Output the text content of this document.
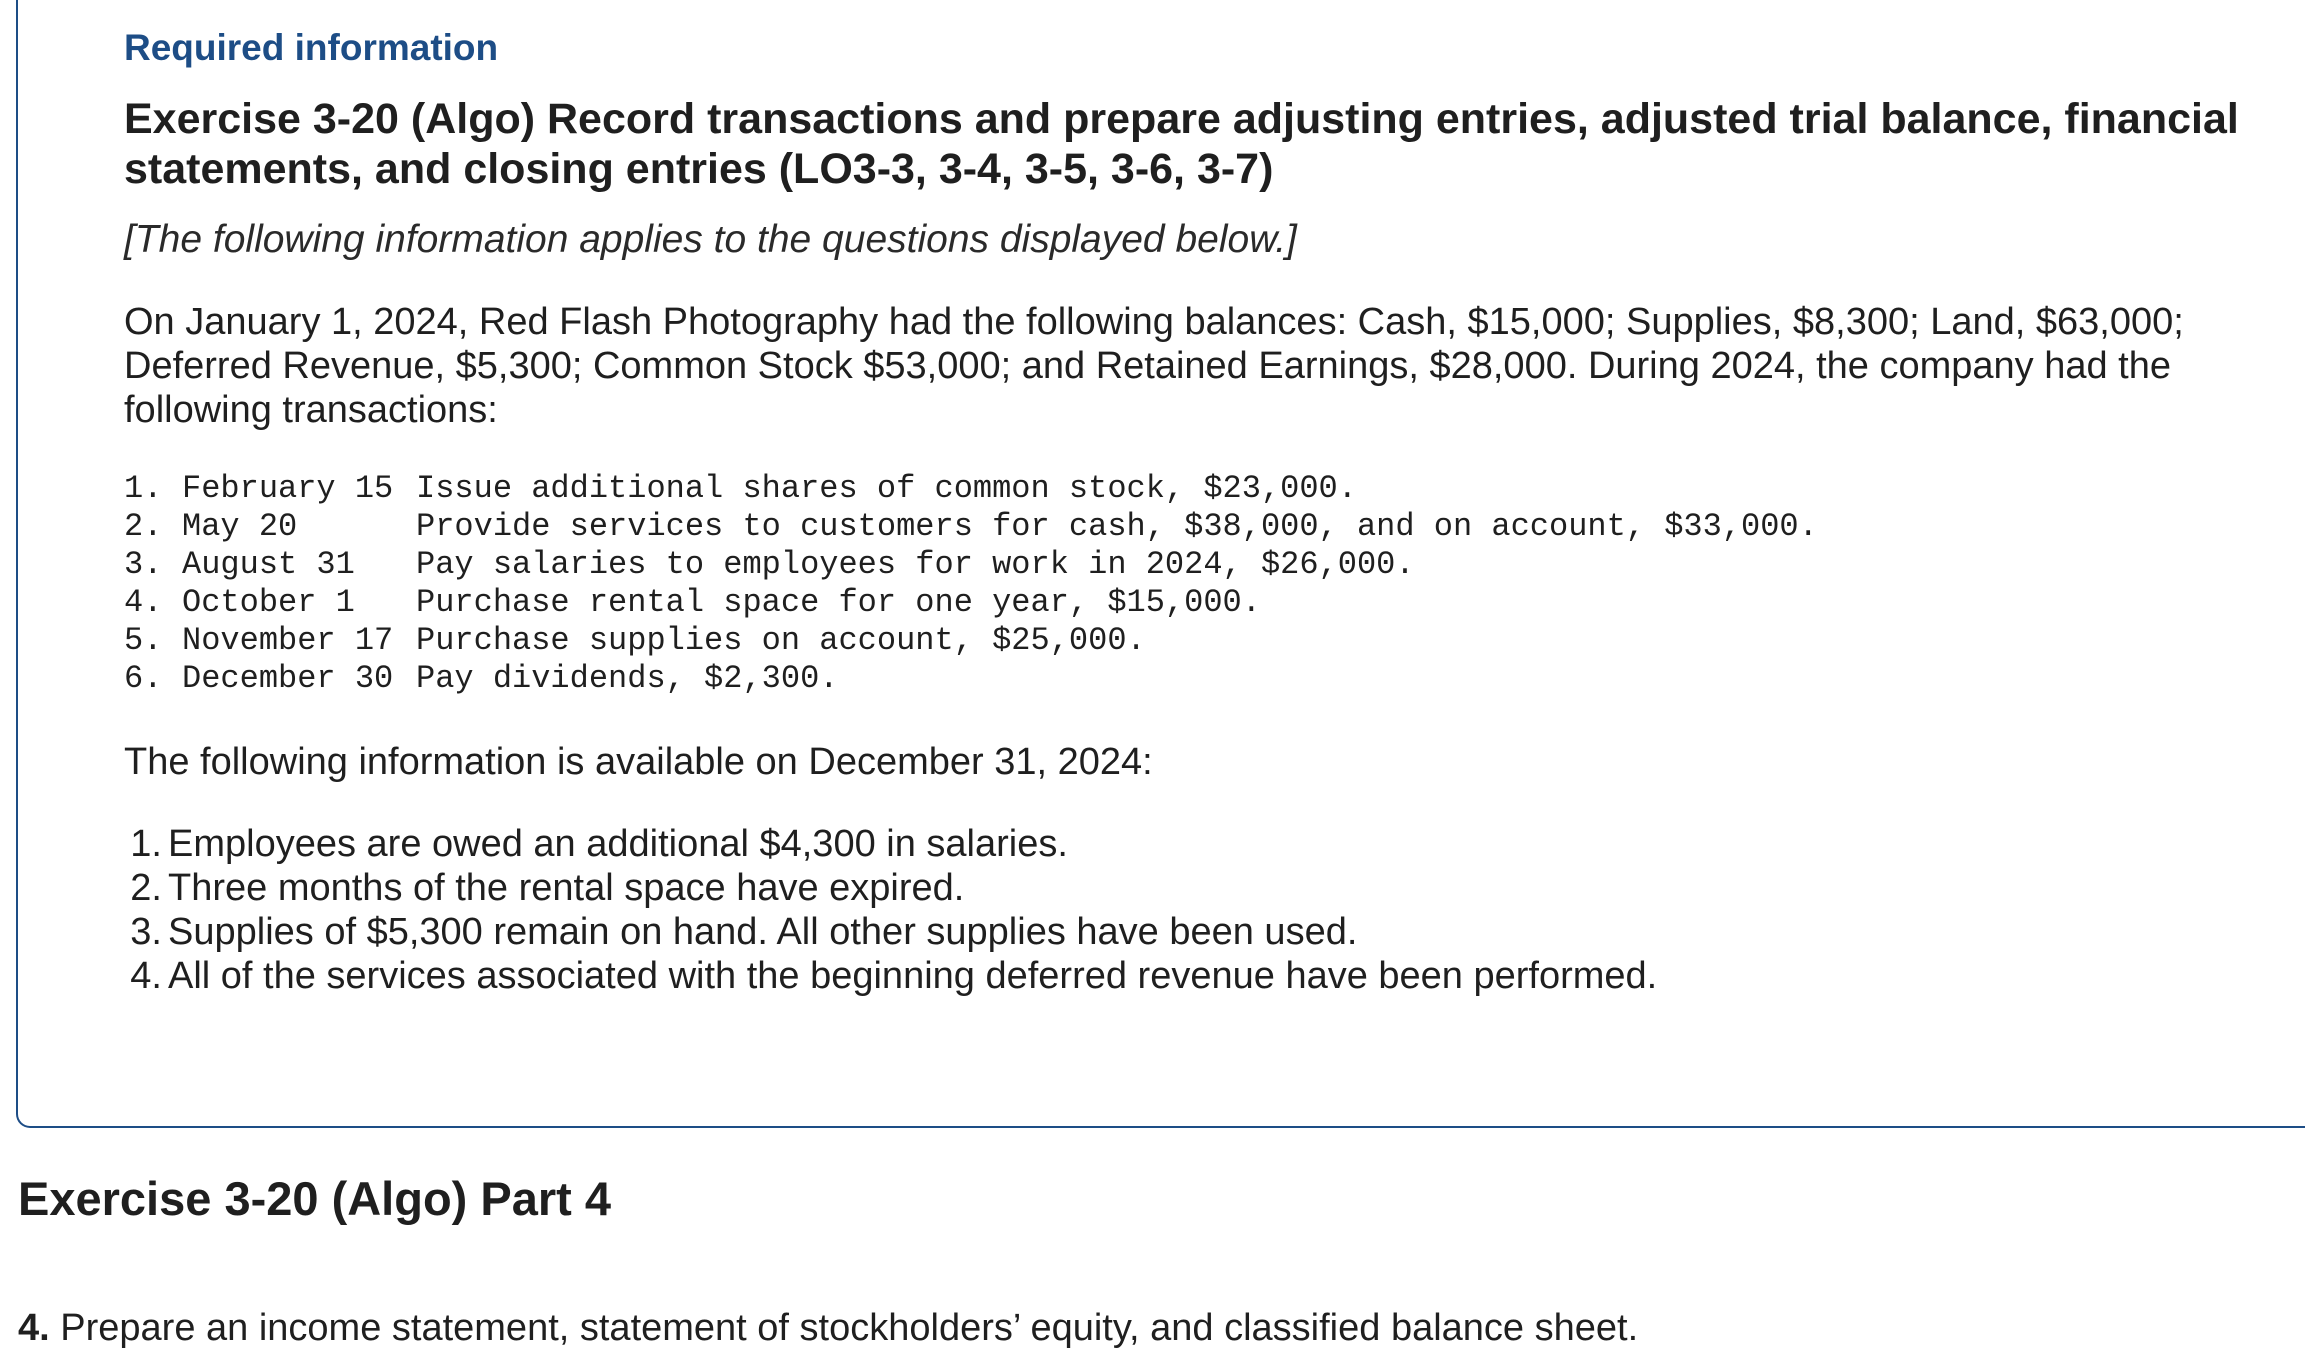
Required information
Exercise 3-20 (Algo) Record transactions and prepare adjusting entries, adjusted trial balance, financial statements, and closing entries (LO3-3, 3-4, 3-5, 3-6, 3-7)
[The following information applies to the questions displayed below.]
On January 1, 2024, Red Flash Photography had the following balances: Cash, $15,000; Supplies, $8,300; Land, $63,000; Deferred Revenue, $5,300; Common Stock $53,000; and Retained Earnings, $28,000. During 2024, the company had the following transactions:
1. February 15 Issue additional shares of common stock, $23,000.
2. May 20	Provide services to customers for cash, $38,000, and on account, $33,000.
3. August 31	Pay salaries to employees for work in 2024, $26,000.
4. October 1	Purchase rental space for one year, $15,000.
5. November 17 Purchase supplies on account, $25,000.
6. December 30 Pay dividends, $2,300.
The following information is available on December 31, 2024:
1. Employees are owed an additional $4,300 in salaries.
2. Three months of the rental space have expired.
3. Supplies of $5,300 remain on hand. All other supplies have been used.
4. All of the services associated with the beginning deferred revenue have been performed.
Exercise 3-20 (Algo) Part 4

4. Prepare an income statement, statement of stockholders’ equity, and classified balance sheet.
